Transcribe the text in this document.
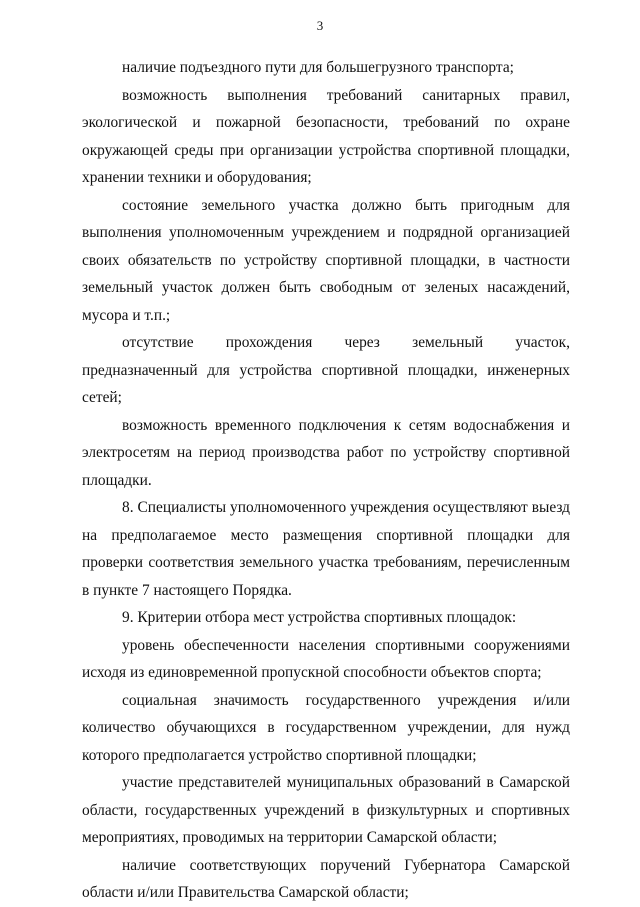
3

наличие подъездного пути для большегрузного транспорта;

возможность выполнения требований санитарных правил, экологической и пожарной безопасности, требований по охране окружающей среды при организации устройства спортивной площадки, хранении техники и оборудования;

состояние земельного участка должно быть пригодным для выполнения уполномоченным учреждением и подрядной организацией своих обязательств по устройству спортивной площадки, в частности земельный участок должен быть свободным от зеленых насаждений, мусора и т.п.;

отсутствие прохождения через земельный участок, предназначенный для устройства спортивной площадки, инженерных сетей;

возможность временного подключения к сетям водоснабжения и электросетям на период производства работ по устройству спортивной площадки.

8. Специалисты уполномоченного учреждения осуществляют выезд на предполагаемое место размещения спортивной площадки для проверки соответствия земельного участка требованиям, перечисленным в пункте 7 настоящего Порядка.

9. Критерии отбора мест устройства спортивных площадок:

уровень обеспеченности населения спортивными сооружениями исходя из единовременной пропускной способности объектов спорта;

социальная значимость государственного учреждения и/или количество обучающихся в государственном учреждении, для нужд которого предполагается устройство спортивной площадки;

участие представителей муниципальных образований в Самарской области, государственных учреждений в физкультурных и спортивных мероприятиях, проводимых на территории Самарской области;

наличие соответствующих поручений Губернатора Самарской области и/или Правительства Самарской области;
